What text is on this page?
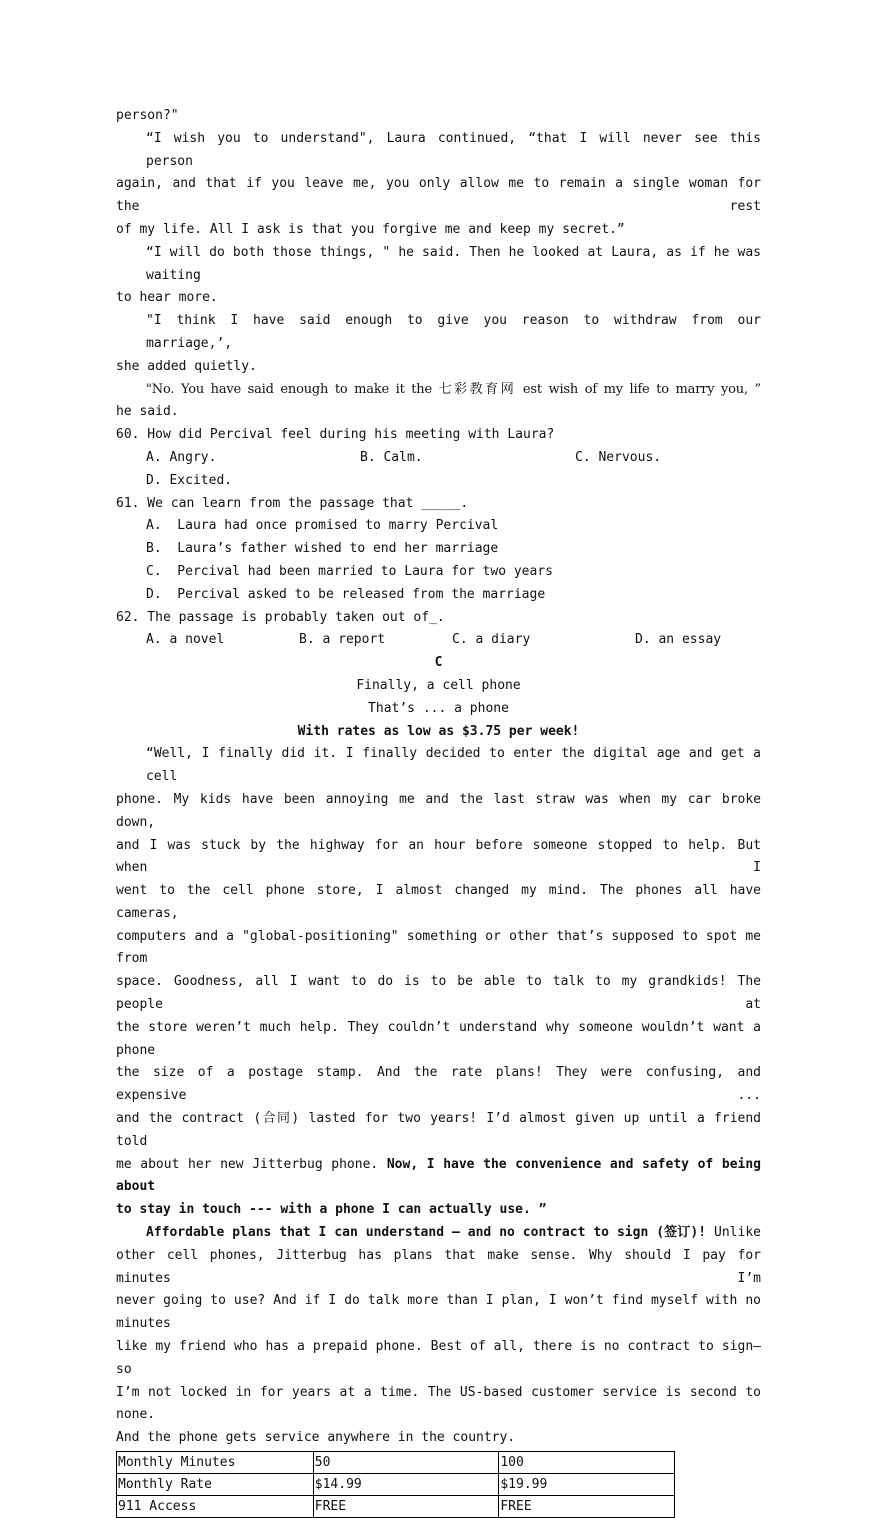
person?"
“I wish you to understand", Laura continued, “that I will never see this person
again, and that if you leave me, you only allow me to remain a single woman for the rest
of my life. All I ask is that you forgive me and keep my secret.”
“I will do both those things, " he said. Then he looked at Laura, as if he was waiting
to hear more.
"I think I have said enough to give you reason to withdraw from our marriage,’,
she added quietly.
"No. You have said enough to make it the 七彩教育网 est wish of my life to marry you, ”
he said.
60. How did Percival feel during his meeting with Laura?
A. Angry.	B. Calm.	C. Nervous.
D. Excited.
61. We can learn from the passage that _____.
A.  Laura had once promised to marry Percival
B.  Laura’s father wished to end her marriage
C.  Percival had been married to Laura for two years
D.  Percival asked to be released from the marriage
62. The passage is probably taken out of_.
A. a novel	B. a report	C. a diary	D. an essay
C
Finally, a cell phone
That’s ... a phone
With rates as low as $3.75 per week!
“Well, I finally did it. I finally decided to enter the digital age and get a cell
phone. My kids have been annoying me and the last straw was when my car broke down,
and I was stuck by the highway for an hour before someone stopped to help. But when I
went to the cell phone store, I almost changed my mind. The phones all have cameras,
computers and a "global-positioning" something or other that’s supposed to spot me from
space. Goodness, all I want to do is to be able to talk to my grandkids! The people at
the store weren’t much help. They couldn’t understand why someone wouldn’t want a phone
the size of a postage stamp. And the rate plans! They were confusing, and expensive ...
and the contract (合同) lasted for two years! I’d almost given up until a friend told
me about her new Jitterbug phone. Now, I have the convenience and safety of being about
to stay in touch --- with a phone I can actually use. ”
Affordable plans that I can understand — and no contract to sign (签订)! Unlike
other cell phones, Jitterbug has plans that make sense. Why should I pay for minutes I’m
never going to use? And if I do talk more than I plan, I won’t find myself with no minutes
like my friend who has a prepaid phone. Best of all, there is no contract to sign—so
I’m not locked in for years at a time. The US-based customer service is second to none.
And the phone gets service anywhere in the country.
Monthly Minutes	50	100
Monthly Rate	$14.99	$19.99
911 Access	FREE	FREE
